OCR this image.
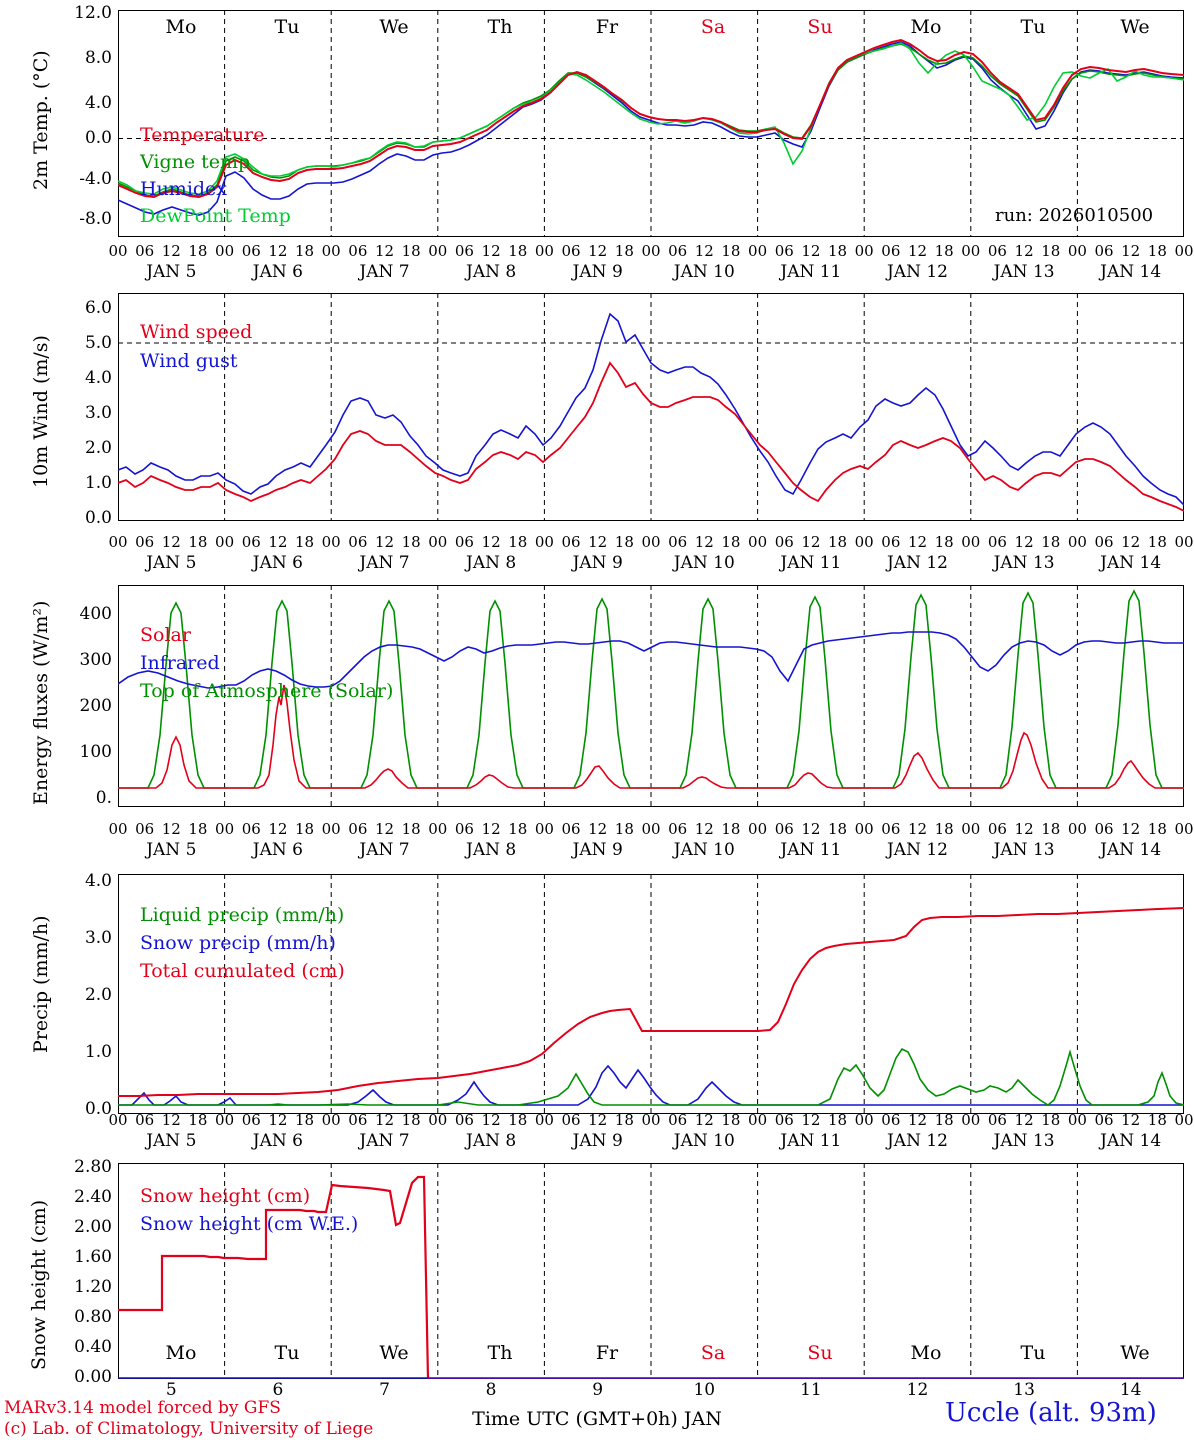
2m Temp. (°C)
12.0
8.0
4.0
0.0
-4.0
-8.0
Mo	Tu	We	Th	Fr	Sa	Su	Mo	Tu	We
Temperature
Vigne temp
Humidex
DewPoint Temp	run: 2026010500
00 06 12 18 00 06 12 18 00 06 12 18 00 06 12 18 00 06 12 18 00 06 12 18 00 06 12 18 00 06 12 18 00 06 12 18 00 06 12 18 00
JAN 5	JAN 6	JAN 7	JAN 8	JAN 9	JAN 10	JAN 11	JAN 12	JAN 13	JAN 14
10m Wind (m/s)
6.0
5.0
4.0
3.0
2.0
1.0
0.0
Wind speed
Wind gust
00 06 12 18 00 06 12 18 00 06 12 18 00 06 12 18 00 06 12 18 00 06 12 18 00 06 12 18 00 06 12 18 00 06 12 18 00 06 12 18 00
JAN 5	JAN 6	JAN 7	JAN 8	JAN 9	JAN 10	JAN 11	JAN 12	JAN 13	JAN 14
Energy fluxes (W/m²)	400
300
200
100
0.
Solar
Infrared
Top of Atmosphere (Solar)
00 06 12 18 00 06 12 18 00 06 12 18 00 06 12 18 00 06 12 18 00 06 12 18 00 06 12 18 00 06 12 18 00 06 12 18 00 06 12 18 00
JAN 5	JAN 6	JAN 7	JAN 8	JAN 9	JAN 10	JAN 11	JAN 12	JAN 13	JAN 14
Precip (mm/h)
4.0
3.0
2.0
1.0
0.0
Liquid precip (mm/h)
Snow precip (mm/h)
Total cumulated (cm)
00 06 12 18 00 06 12 18 00 06 12 18 00 06 12 18 00 06 12 18 00 06 12 18 00 06 12 18 00 06 12 18 00 06 12 18 00 06 12 18 00
JAN 5	JAN 6	JAN 7	JAN 8	JAN 9	JAN 10	JAN 11	JAN 12	JAN 13	JAN 14
Snow height (cm)
2.80
2.40
2.00
1.60
1.20
0.80
0.40
0.00
Snow height (cm)
Snow height (cm W.E.)
Mo	Tu	We	Th	Fr	Sa	Su	Mo	Tu	We
5	6	7	8	9	10	11	12	13	14
Time UTC (GMT+0h) JAN
MARv3.14 model forced by GFS
(c) Lab. of Climatology, University of Liege
Uccle (alt. 93m)
